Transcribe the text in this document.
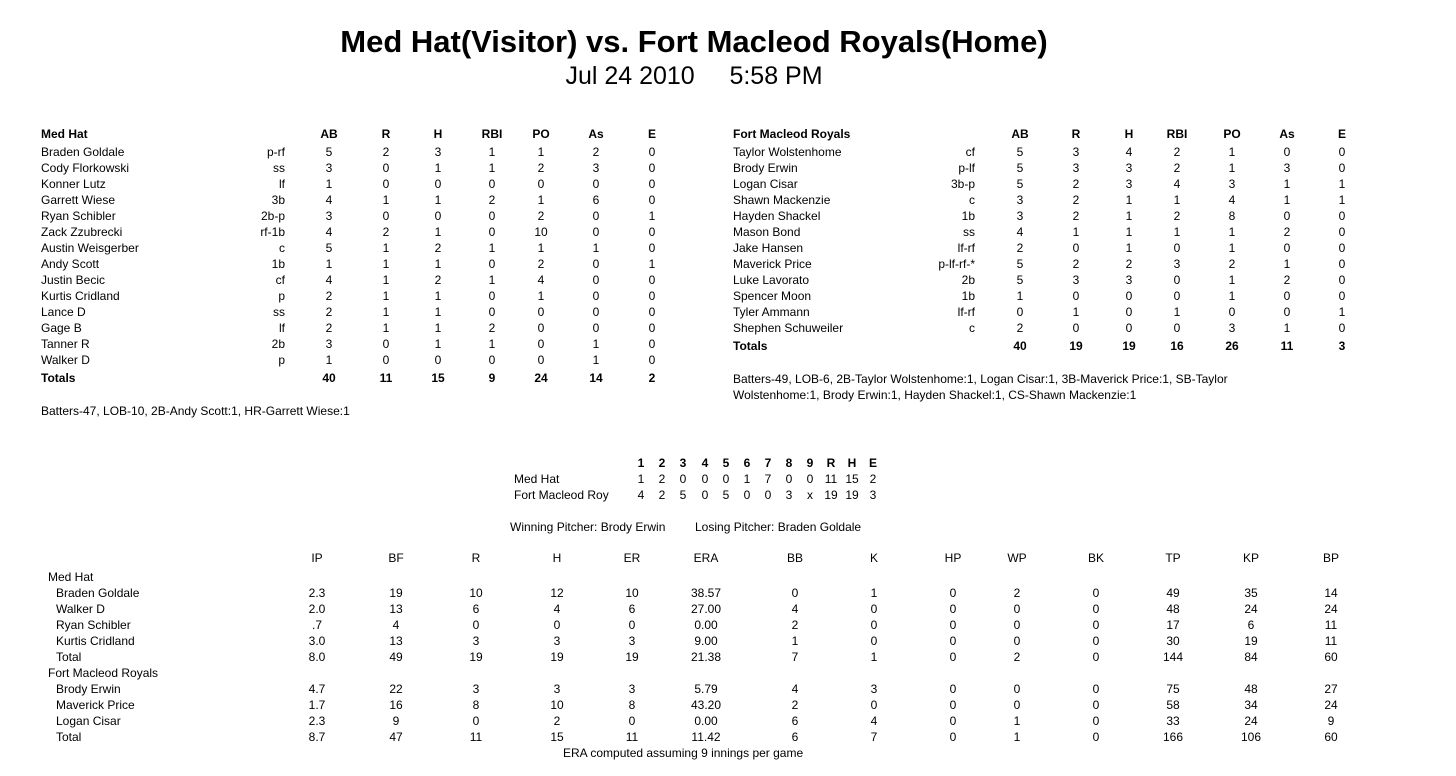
Med Hat(Visitor) vs. Fort Macleod Royals(Home)
Jul 24 2010 5:58 PM
Med Hat	AB	R	H	RBI	PO	As	E
Braden Goldale	p-rf	5	2	3	1	1	2	0
Cody Florkowski	ss	3	0	1	1	2	3	0
Konner Lutz	lf	1	0	0	0	0	0	0
Garrett Wiese	3b	4	1	1	2	1	6	0
Ryan Schibler	2b-p	3	0	0	0	2	0	1
Zack Zzubrecki	rf-1b	4	2	1	0	10	0	0
Austin Weisgerber	c	5	1	2	1	1	1	0
Andy Scott	1b	1	1	1	0	2	0	1
Justin Becic	cf	4	1	2	1	4	0	0
Kurtis Cridland	p	2	1	1	0	1	0	0
Lance D	ss	2	1	1	0	0	0	0
Gage B	lf	2	1	1	2	0	0	0
Tanner R	2b	3	0	1	1	0	1	0
Walker D	p	1	0	0	0	0	1	0
Totals	40	11	15	9	24	14	2
Fort Macleod Royals	AB	R	H	RBI	PO	As	E
Taylor Wolstenhome	cf	5	3	4	2	1	0	0
Brody Erwin	p-lf	5	3	3	2	1	3	0
Logan Cisar	3b-p	5	2	3	4	3	1	1
Shawn Mackenzie	c	3	2	1	1	4	1	1
Hayden Shackel	1b	3	2	1	2	8	0	0
Mason Bond	ss	4	1	1	1	1	2	0
Jake Hansen	lf-rf	2	0	1	0	1	0	0
Maverick Price	p-lf-rf-*	5	2	2	3	2	1	0
Luke Lavorato	2b	5	3	3	0	1	2	0
Spencer Moon	1b	1	0	0	0	1	0	0
Tyler Ammann	lf-rf	0	1	0	1	0	0	1
Shephen Schuweiler	c	2	0	0	0	3	1	0
Totals	40	19	19	16	26	11	3
Batters-47, LOB-10, 2B-Andy Scott:1, HR-Garrett Wiese:1
Batters-49, LOB-6, 2B-Taylor Wolstenhome:1, Logan Cisar:1, 3B-Maverick Price:1, SB-Taylor
Wolstenhome:1, Brody Erwin:1, Hayden Shackel:1, CS-Shawn Mackenzie:1
1	2	3	4	5	6	7	8	9	R	H	E
Med Hat	1	2	0	0	0	1	7	0	0 11 15 2
Fort Macleod Roy	4	2	5	0	5	0	0	3	x 19 19 3
Winning Pitcher: Brody Erwin Losing Pitcher: Braden Goldale
IP	BF	R	H	ER	ERA	BB	K	HP	WP	BK	TP	KP	BP
Med Hat
Braden Goldale	2.3	19	10	12	10	38.57	0	1	0	2	0	49	35	14
Walker D	2.0	13	6	4	6	27.00	4	0	0	0	0	48	24	24
Ryan Schibler	.7	4	0	0	0	0.00	2	0	0	0	0	17	6	11
Kurtis Cridland	3.0	13	3	3	3	9.00	1	0	0	0	0	30	19	11
Total	8.0	49	19	19	19	21.38	7	1	0	2	0	144	84	60
Fort Macleod Royals
Brody Erwin	4.7	22	3	3	3	5.79	4	3	0	0	0	75	48	27
Maverick Price	1.7	16	8	10	8	43.20	2	0	0	0	0	58	34	24
Logan Cisar	2.3	9	0	2	0	0.00	6	4	0	1	0	33	24	9
Total	8.7	47	11	15	11	11.42	6	7	0	1	0	166	106	60
ERA computed assuming 9 innings per game
